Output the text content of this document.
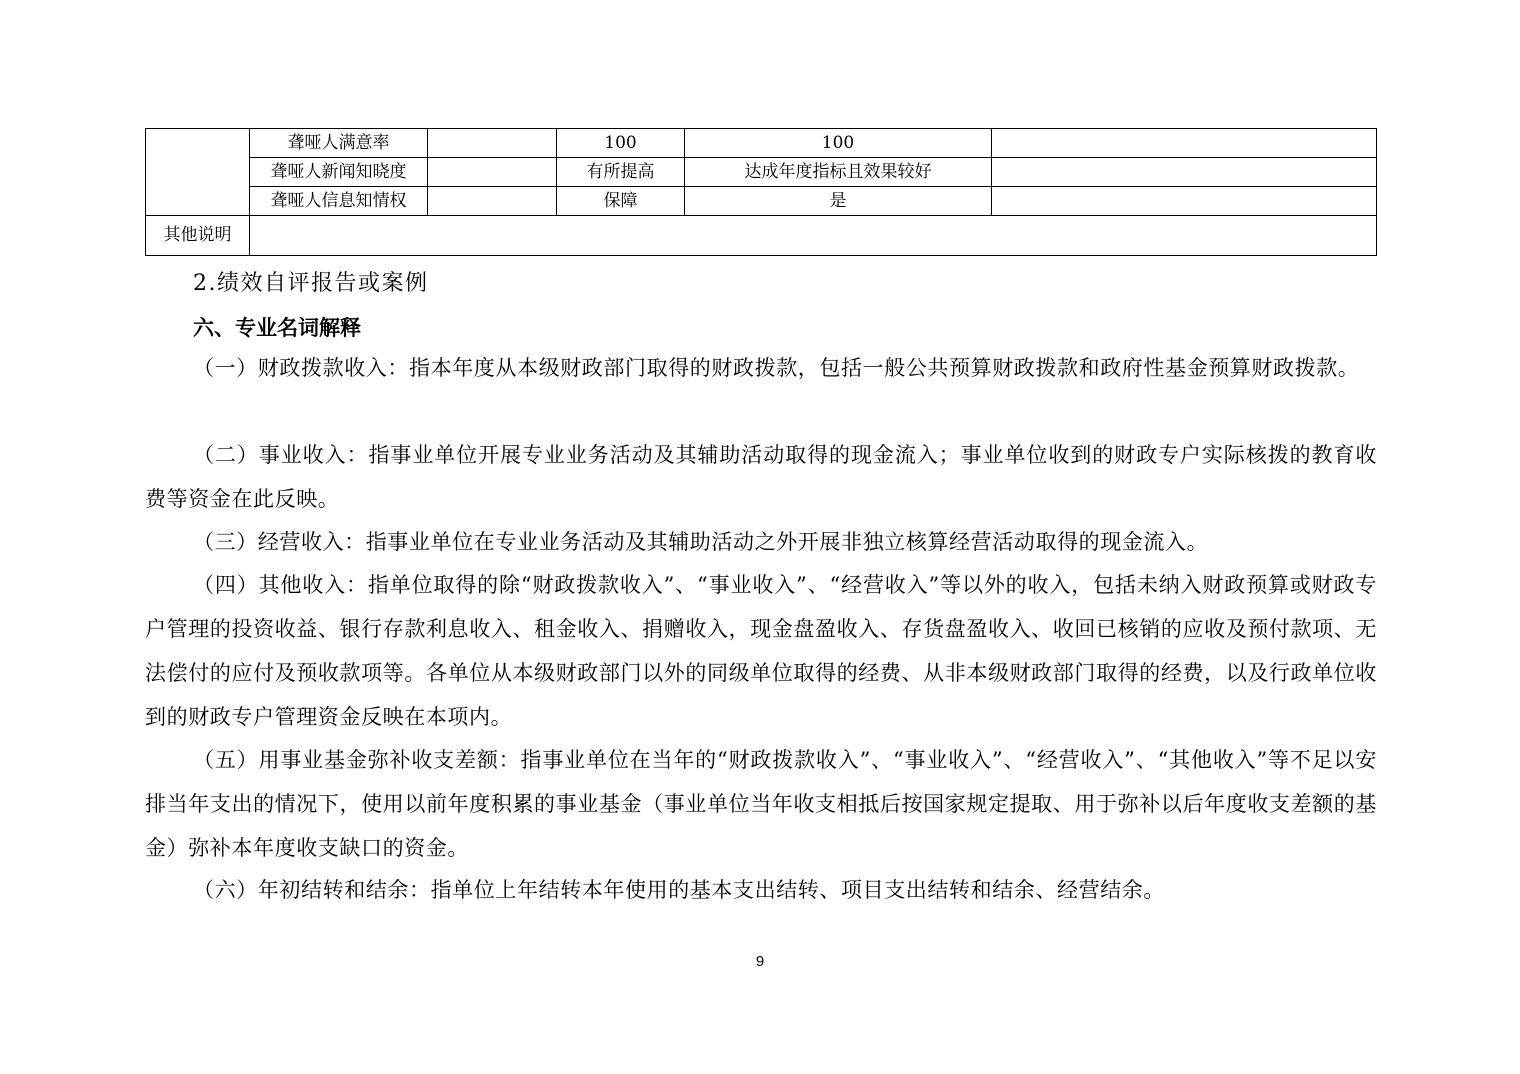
	聋哑人满意率		100	100	
	聋哑人新闻知晓度		有所提高	达成年度指标且效果较好	
	聋哑人信息知情权		保障	是	
其他说明					
2.绩效自评报告或案例
六、专业名词解释

（一）财政拨款收入：指本年度从本级财政部门取得的财政拨款，包括一般公共预算财政拨款和政府性基金预算财政拨款。

（二）事业收入：指事业单位开展专业业务活动及其辅助活动取得的现金流入；事业单位收到的财政专户实际核拨的教育收费等资金在此反映。

（三）经营收入：指事业单位在专业业务活动及其辅助活动之外开展非独立核算经营活动取得的现金流入。

（四）其他收入：指单位取得的除“财政拨款收入”、“事业收入”、“经营收入”等以外的收入，包括未纳入财政预算或财政专户管理的投资收益、银行存款利息收入、租金收入、捐赠收入，现金盘盈收入、存货盘盈收入、收回已核销的应收及预付款项、无法偿付的应付及预收款项等。各单位从本级财政部门以外的同级单位取得的经费、从非本级财政部门取得的经费，以及行政单位收到的财政专户管理资金反映在本项内。

（五）用事业基金弥补收支差额：指事业单位在当年的“财政拨款收入”、“事业收入”、“经营收入”、“其他收入”等不足以安排当年支出的情况下，使用以前年度积累的事业基金（事业单位当年收支相抵后按国家规定提取、用于弥补以后年度收支差额的基金）弥补本年度收支缺口的资金。

（六）年初结转和结余：指单位上年结转本年使用的基本支出结转、项目支出结转和结余、经营结余。

9
